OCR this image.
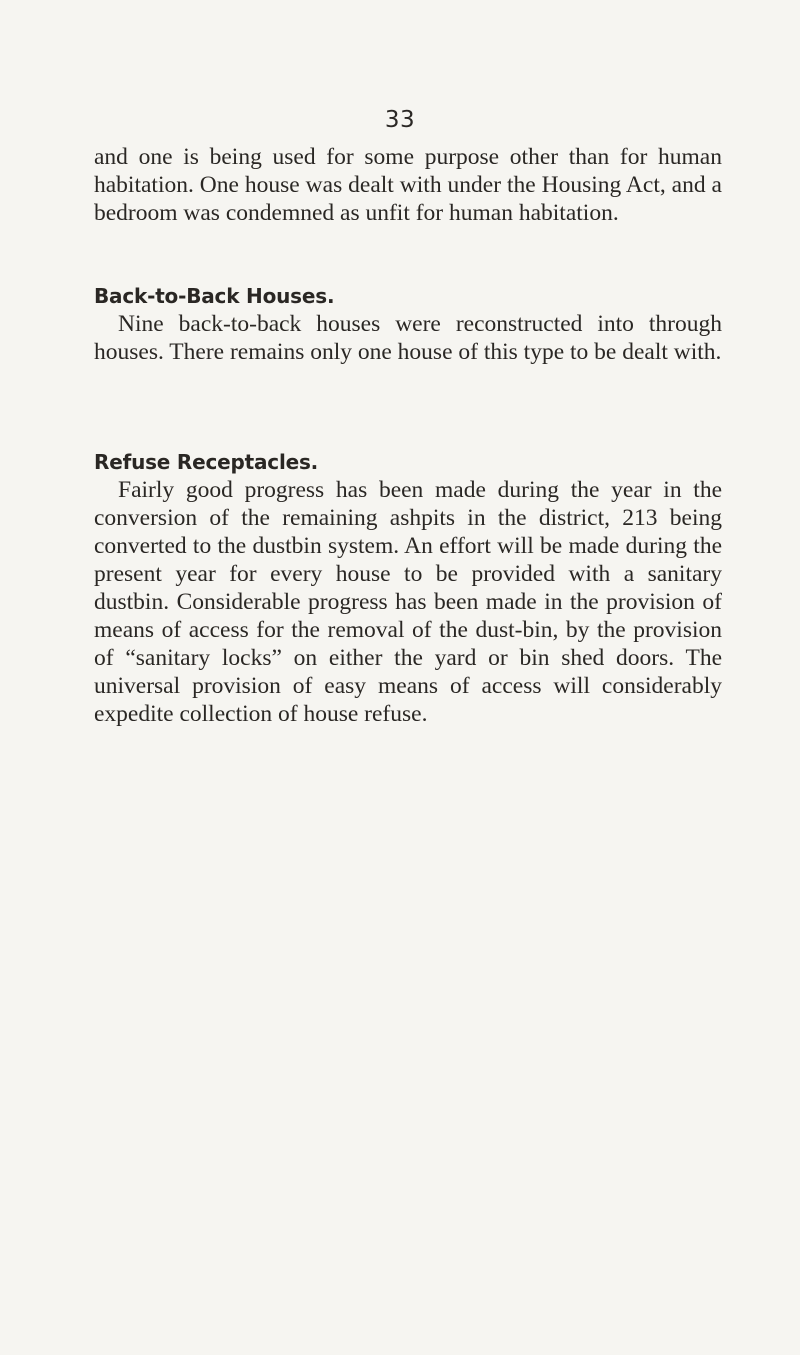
33

and one is being used for some purpose other than for human habitation. One house was dealt with under the Housing Act, and a bedroom was condemned as unfit for human habitation.

Back-to-Back Houses.

Nine back-to-back houses were reconstructed into through houses. There remains only one house of this type to be dealt with.

Refuse Receptacles.

Fairly good progress has been made during the year in the conversion of the remaining ashpits in the district, 213 being converted to the dustbin system. An effort will be made during the present year for every house to be provided with a sanitary dustbin. Considerable progress has been made in the provision of means of access for the removal of the dust-bin, by the provision of “sanitary locks” on either the yard or bin shed doors. The universal provision of easy means of access will considerably expedite collection of house refuse.
